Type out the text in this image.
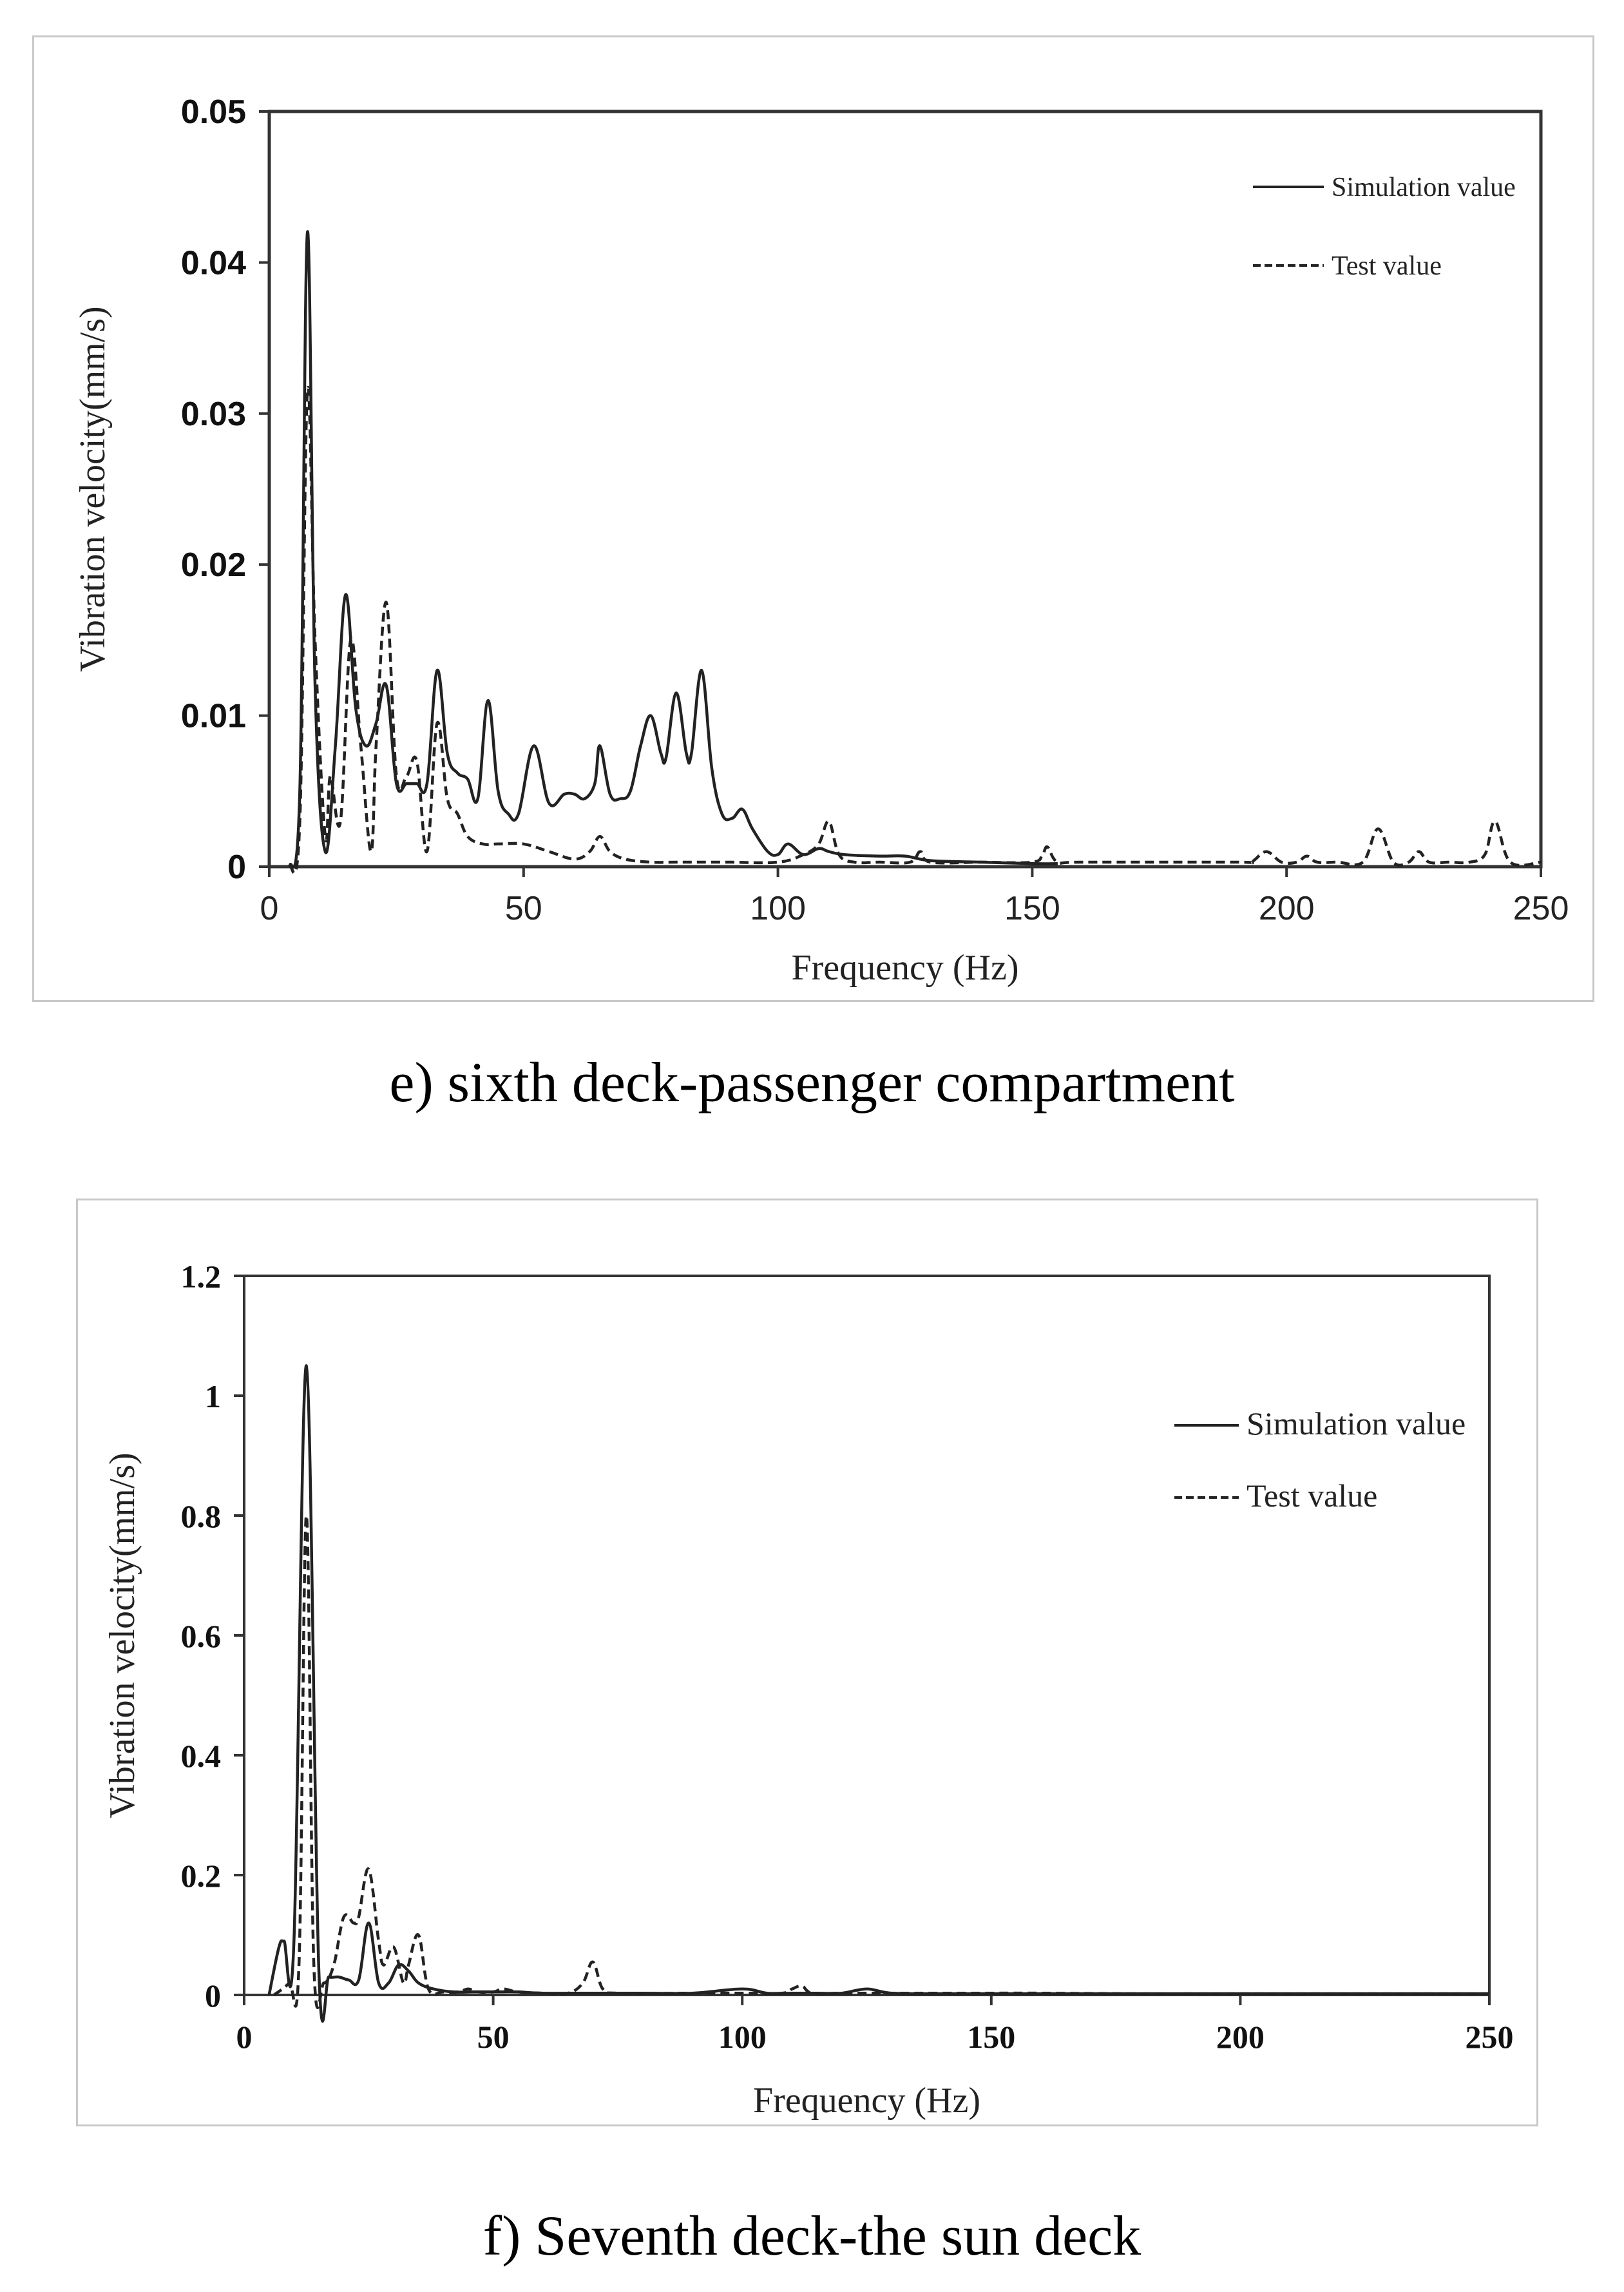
0	50	100	150	200	250
0
0.01
0.02
0.03
0.04
0.05
Frequency (Hz)
Vibration velocity(mm/s)
Simulation value
Test value
e) sixth deck-passenger compartment
0	50	100	150	200	250
0
0.2
0.4
0.6
0.8
1
1.2
Frequency (Hz)
Vibration velocity(mm/s)
Simulation value
Test value
f) Seventh deck-the sun deck
